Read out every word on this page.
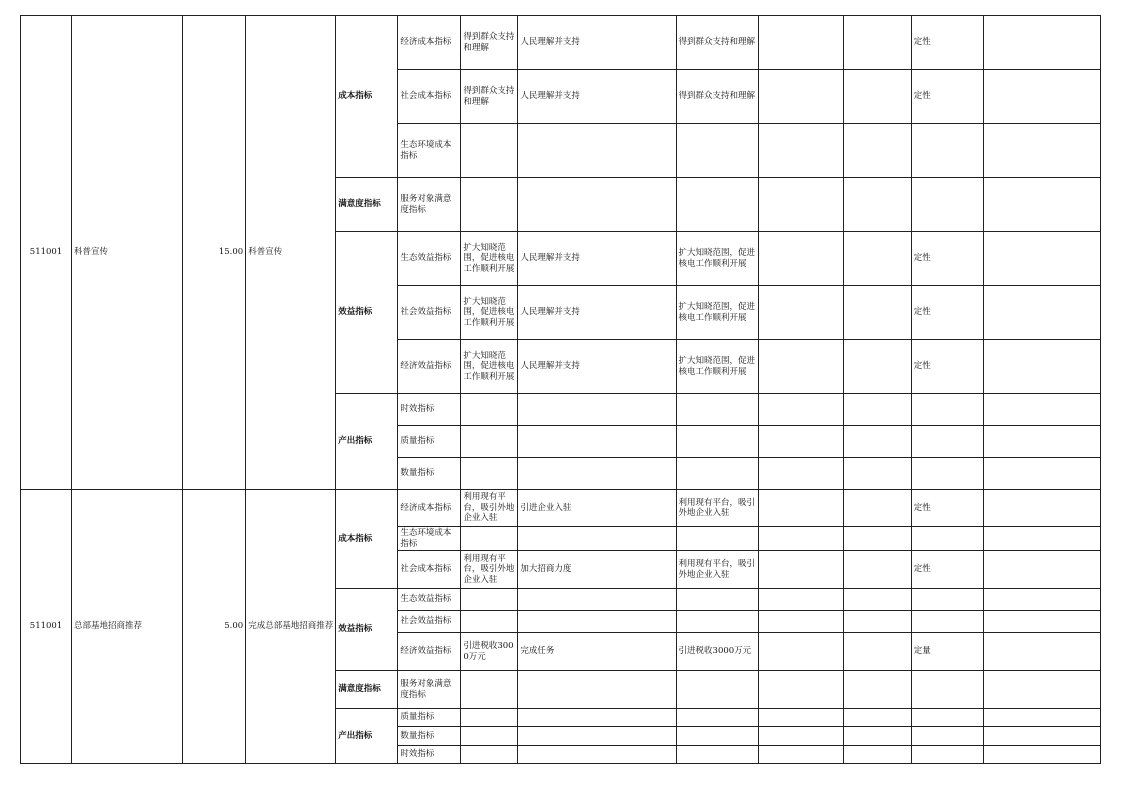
511001	科普宣传	15.00	科普宣传	成本指标	经济成本指标	得到群众支持和理解	人民理解并支持	得到群众支持和理解			定性	
					社会成本指标	得到群众支持和理解	人民理解并支持	得到群众支持和理解			定性	
					生态环境成本指标							
				满意度指标	服务对象满意度指标							
				效益指标	生态效益指标	扩大知晓范围，促进核电工作顺利开展	人民理解并支持	扩大知晓范围，促进核电工作顺利开展			定性	
					社会效益指标	扩大知晓范围，促进核电工作顺利开展	人民理解并支持	扩大知晓范围，促进核电工作顺利开展			定性	
					经济效益指标	扩大知晓范围，促进核电工作顺利开展	人民理解并支持	扩大知晓范围，促进核电工作顺利开展			定性	
				产出指标	时效指标							
					质量指标							
					数量指标							
511001	总部基地招商推荐	5.00	完成总部基地招商推荐	成本指标	经济成本指标	利用现有平台，吸引外地企业入驻	引进企业入驻	利用现有平台，吸引外地企业入驻			定性	
					生态环境成本指标							
					社会成本指标	利用现有平台，吸引外地企业入驻	加大招商力度	利用现有平台，吸引外地企业入驻			定性	
				效益指标	生态效益指标							
					社会效益指标							
					经济效益指标	引进税收3000万元	完成任务	引进税收3000万元			定量	
				满意度指标	服务对象满意度指标							
				产出指标	质量指标							
					数量指标							
					时效指标							
